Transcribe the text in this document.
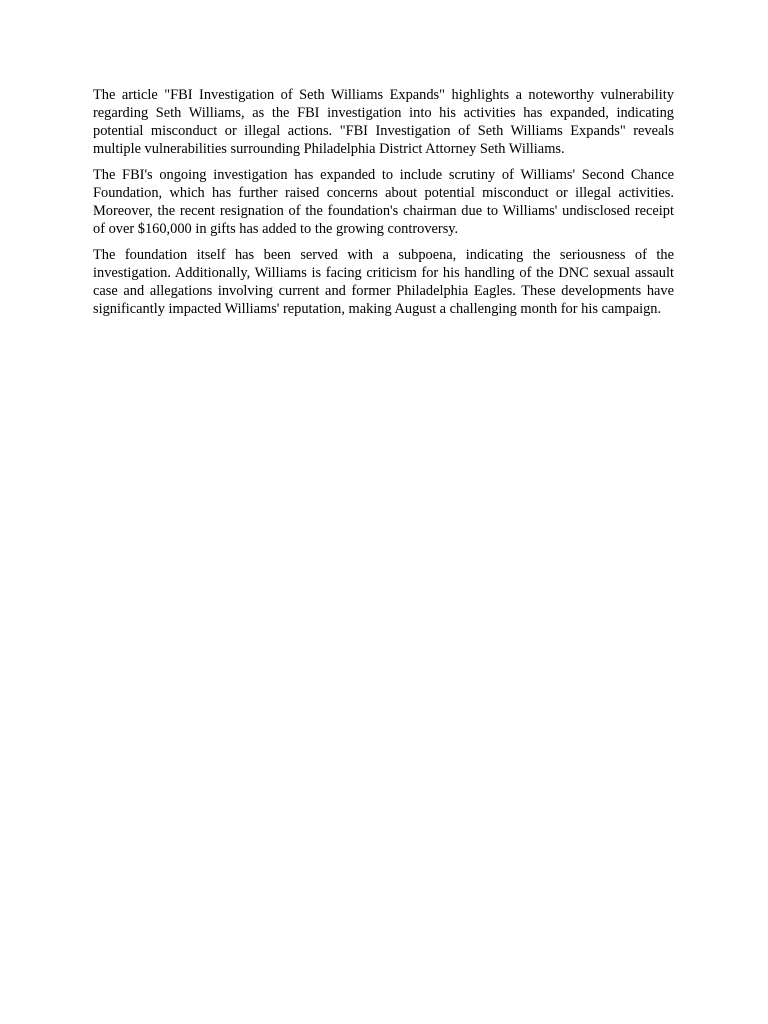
The article "FBI Investigation of Seth Williams Expands" highlights a noteworthy vulnerability regarding Seth Williams, as the FBI investigation into his activities has expanded, indicating potential misconduct or illegal actions. "FBI Investigation of Seth Williams Expands" reveals multiple vulnerabilities surrounding Philadelphia District Attorney Seth Williams.

The FBI's ongoing investigation has expanded to include scrutiny of Williams' Second Chance Foundation, which has further raised concerns about potential misconduct or illegal activities. Moreover, the recent resignation of the foundation's chairman due to Williams' undisclosed receipt of over $160,000 in gifts has added to the growing controversy.

The foundation itself has been served with a subpoena, indicating the seriousness of the investigation. Additionally, Williams is facing criticism for his handling of the DNC sexual assault case and allegations involving current and former Philadelphia Eagles. These developments have significantly impacted Williams' reputation, making August a challenging month for his campaign.
